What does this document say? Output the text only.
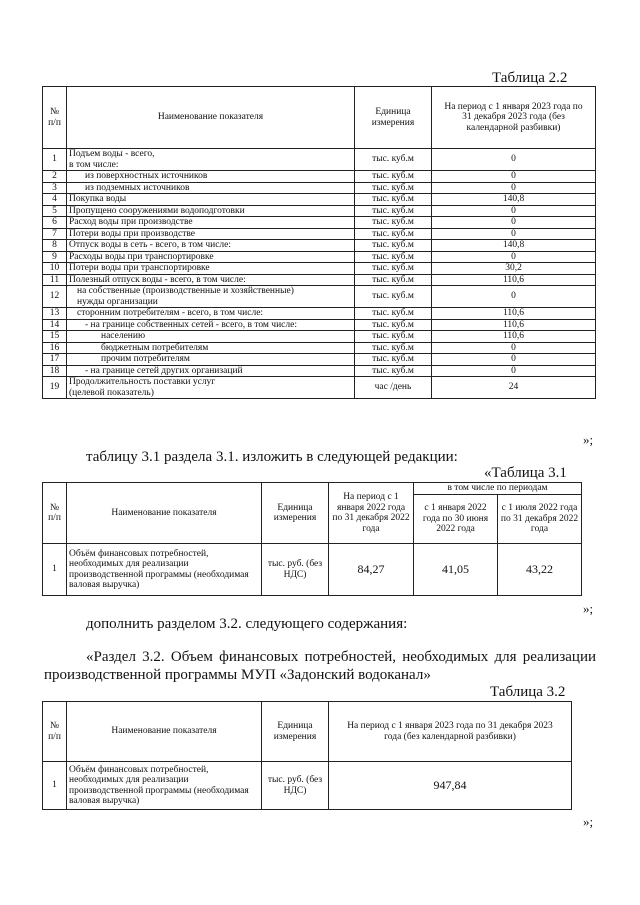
Таблица 2.2
№ п/п	Наименование показателя	Единица измерения	На период с 1 января 2023 года по 31 декабря 2023 года (без календарной разбивки)
1	Подъем воды - всего,
в том числе:	тыс. куб.м	0
2	из поверхностных источников	тыс. куб.м	0
3	из подземных источников	тыс. куб.м	0
4	Покупка воды	тыс. куб.м	140,8
5	Пропущено сооружениями водоподготовки	тыс. куб.м	0
6	Расход воды при производстве	тыс. куб.м	0
7	Потери воды при производстве	тыс. куб.м	0
8	Отпуск воды в сеть - всего, в том числе:	тыс. куб.м	140,8
9	Расходы воды при транспортировке	тыс. куб.м	0
10	Потери воды при транспортировке	тыс. куб.м	30,2
11	Полезный отпуск воды - всего, в том числе:	тыс. куб.м	110,6
12	на собственные (производственные и хозяйственные)
нужды организации	тыс. куб.м	0
13	сторонним потребителям - всего, в том числе:	тыс. куб.м	110,6
14	- на границе собственных сетей - всего, в том числе:	тыс. куб.м	110,6
15	населению	тыс. куб.м	110,6
16	бюджетным потребителям	тыс. куб.м	0
17	прочим потребителям	тыс. куб.м	0
18	- на границе сетей других организаций	тыс. куб.м	0
19	Продолжительность поставки услуг
(целевой показатель)	час /день	24
»;
таблицу 3.1 раздела 3.1. изложить в следующей редакции:
«Таблица 3.1
№ п/п	Наименование показателя	Единица измерения	На период с 1 января 2022 года по 31 декабря 2022 года	в том числе по периодам	
				с 1 января 2022 года по 30 июня 2022 года	с 1 июля 2022 года по 31 декабря 2022 года
1	Объём финансовых потребностей, необходимых для реализации производственной программы (необходимая валовая выручка)	тыс. руб. (без НДС)	84,27	41,05	43,22
»;
дополнить разделом 3.2. следующего содержания:
«Раздел 3.2. Объем финансовых потребностей, необходимых для реализации производственной программы МУП «Задонский водоканал»
Таблица 3.2
№ п/п	Наименование показателя	Единица измерения	На период с 1 января 2023 года по 31 декабря 2023 года (без календарной разбивки)
1	Объём финансовых потребностей, необходимых для реализации производственной программы (необходимая валовая выручка)	тыс. руб. (без НДС)	947,84
»;
